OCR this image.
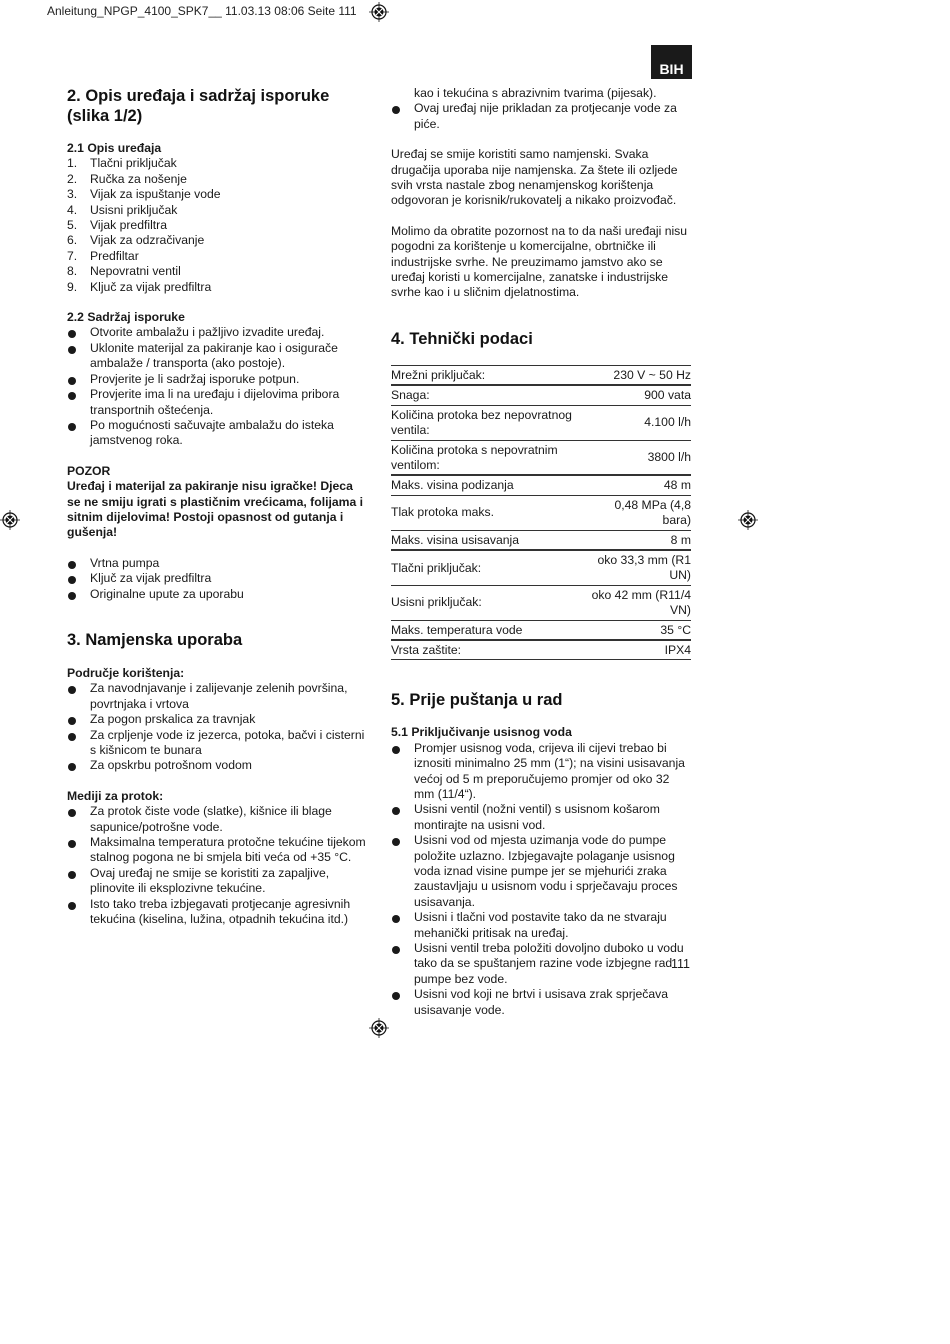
Anleitung_NPGP_4100_SPK7__ 11.03.13 08:06 Seite 111
BIH
2. Opis uređaja i sadržaj isporuke
(slika 1/2)
2.1 Opis uređaja
1.	Tlačni priključak
2.	Ručka za nošenje
3.	Vijak za ispuštanje vode
4.	Usisni priključak
5.	Vijak predfiltra
6.	Vijak za odzračivanje
7.	Predfiltar
8.	Nepovratni ventil
9.	Ključ za vijak predfiltra
2.2 Sadržaj isporuke
Otvorite ambalažu i pažljivo izvadite uređaj.
Uklonite materijal za pakiranje kao i osigurače ambalaže / transporta (ako postoje).
Provjerite je li sadržaj isporuke potpun.
Provjerite ima li na uređaju i dijelovima pribora transportnih oštećenja.
Po mogućnosti sačuvajte ambalažu do isteka jamstvenog roka.

POZOR

Uređaj i materijal za pakiranje nisu igračke! Djeca se ne smiju igrati s plastičnim vrećicama, folijama i sitnim dijelovima! Postoji opasnost od gutanja i gušenja!

Vrtna pumpa
Ključ za vijak predfiltra
Originalne upute za uporabu
3. Namjenska uporaba

Područje korištenja:

Za navodnjavanje i zalijevanje zelenih površina, povrtnjaka i vrtova
Za pogon prskalica za travnjak
Za crpljenje vode iz jezerca, potoka, bačvi i cisterni s kišnicom te bunara
Za opskrbu potrošnom vodom

Mediji za protok:

Za protok čiste vode (slatke), kišnice ili blage sapunice/potrošne vode.
Maksimalna temperatura protočne tekućine tijekom stalnog pogona ne bi smjela biti veća od +35 °C.
Ovaj uređaj ne smije se koristiti za zapaljive, plinovite ili eksplozivne tekućine.
Isto tako treba izbjegavati protjecanje agresivnih tekućina (kiselina, lužina, otpadnih tekućina itd.)
kao i tekućina s abrazivnim tvarima (pijesak).
Ovaj uređaj nije prikladan za protjecanje vode za piće.

Uređaj se smije koristiti samo namjenski. Svaka drugačija uporaba nije namjenska. Za štete ili ozljede svih vrsta nastale zbog nenamjenskog korištenja odgovoran je korisnik/rukovatelj a nikako proizvođač.

Molimo da obratite pozornost na to da naši uređaji nisu pogodni za korištenje u komercijalne, obrtničke ili industrijske svrhe. Ne preuzimamo jamstvo ako se uređaj koristi u komercijalne, zanatske i industrijske svrhe kao i u sličnim djelatnostima.

4. Tehnički podaci
Mrežni priključak:	230 V ~ 50 Hz
Snaga:	900 vata
Količina protoka bez nepovratnog ventila:	4.100 l/h
Količina protoka s nepovratnim ventilom:	3800 l/h
Maks. visina podizanja	48 m
Tlak protoka maks.	0,48 MPa (4,8 bara)
Maks. visina usisavanja	8 m
Tlačni priključak:	oko 33,3 mm (R1 UN)
Usisni priključak:	oko 42 mm (R11/4 VN)
Maks. temperatura vode	35 °C
Vrsta zaštite:	IPX4
5. Prije puštanja u rad
5.1 Priključivanje usisnog voda
Promjer usisnog voda, crijeva ili cijevi trebao bi iznositi minimalno 25 mm (1“); na visini usisavanja većoj od 5 m preporučujemo promjer od oko 32 mm (11/4“).
Usisni ventil (nožni ventil) s usisnom košarom montirajte na usisni vod.
Usisni vod od mjesta uzimanja vode do pumpe položite uzlazno. Izbjegavajte polaganje usisnog voda iznad visine pumpe jer se mjehurići zraka zaustavljaju u usisnom vodu i sprječavaju proces usisavanja.
Usisni i tlačni vod postavite tako da ne stvaraju mehanički pritisak na uređaj.
Usisni ventil treba položiti dovoljno duboko u vodu tako da se spuštanjem razine vode izbjegne rad pumpe bez vode.
Usisni vod koji ne brtvi i usisava zrak sprječava usisavanje vode.
111
